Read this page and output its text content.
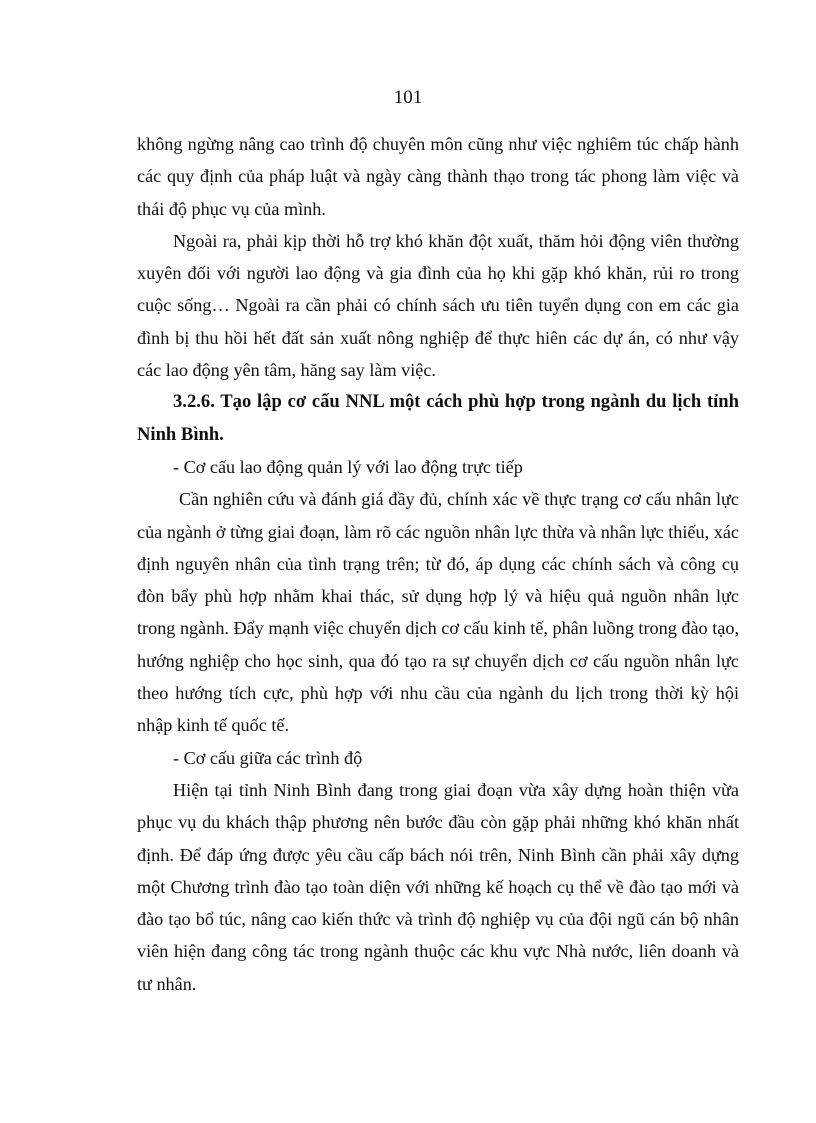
101

không ngừng nâng cao trình độ chuyên môn cũng như việc nghiêm túc chấp hành các quy định của pháp luật và ngày càng thành thạo trong tác phong làm việc và thái độ phục vụ của mình.

Ngoài ra, phải kịp thời hỗ trợ khó khăn đột xuất, thăm hỏi động viên thường xuyên đối với người lao động và gia đình của họ khi gặp khó khăn, rủi ro trong cuộc sống… Ngoài ra cần phải có chính sách ưu tiên tuyển dụng con em các gia đình bị thu hồi hết đất sản xuất nông nghiệp để thực hiên các dự án, có như vậy các lao động yên tâm, hăng say làm việc.

3.2.6. Tạo lập cơ cấu NNL một cách phù hợp trong ngành du lịch tỉnh Ninh Bình.

- Cơ cấu lao động quản lý với lao động trực tiếp

Cần nghiên cứu và đánh giá đầy đủ, chính xác về thực trạng cơ cấu nhân lực của ngành ở từng giai đoạn, làm rõ các nguồn nhân lực thừa và nhân lực thiếu, xác định nguyên nhân của tình trạng trên; từ đó, áp dụng các chính sách và công cụ đòn bẩy phù hợp nhằm khai thác, sử dụng hợp lý và hiệu quả nguồn nhân lực trong ngành. Đẩy mạnh việc chuyển dịch cơ cấu kinh tế, phân luồng trong đào tạo, hướng nghiệp cho học sinh, qua đó tạo ra sự chuyển dịch cơ cấu nguồn nhân lực theo hướng tích cực, phù hợp với nhu cầu của ngành du lịch trong thời kỳ hội nhập kinh tế quốc tế.

- Cơ cấu giữa các trình độ

Hiện tại tỉnh Ninh Bình đang trong giai đoạn vừa xây dựng hoàn thiện vừa phục vụ du khách thập phương nên bước đầu còn gặp phải những khó khăn nhất định. Để đáp ứng được yêu cầu cấp bách nói trên, Ninh Bình cần phải xây dựng một Chương trình đào tạo toàn diện với những kế hoạch cụ thể về đào tạo mới và đào tạo bổ túc, nâng cao kiến thức và trình độ nghiệp vụ của đội ngũ cán bộ nhân viên hiện đang công tác trong ngành thuộc các khu vực Nhà nước, liên doanh và tư nhân.
